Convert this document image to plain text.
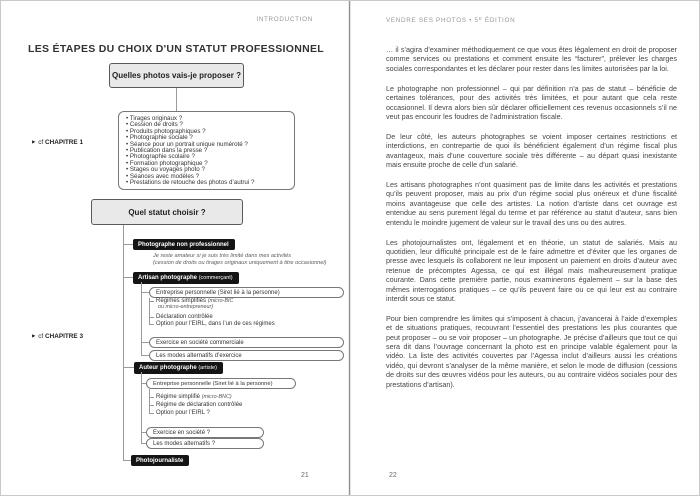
INTRODUCTION
LES ÉTAPES DU CHOIX D'UN STATUT PROFESSIONNEL
Quelles photos vais-je proposer ?
• Tirages originaux ?
• Cession de droits ?
• Produits photographiques ?
• Photographie sociale ?
• Séance pour un portrait unique numéroté ?
• Publication dans la presse ?
• Photographie scolaire ?
• Formation photographique ?
• Stages ou voyages photo ?
• Séances avec modèles ?
• Prestations de retouche des photos d’autrui ?
► cf CHAPITRE 1
Quel statut choisir ?
Photographe non professionnel
Je reste amateur si je suis très limité dans mes activités
(cession de droits ou tirages originaux uniquement à titre occasionnel)
Artisan photographe (commerçant)
Entreprise personnelle (Siret lié à la personne)
Régimes simplifiés (micro-BIC
ou micro-entrepreneur)
Déclaration contrôlée
Option pour l’EIRL, dans l’un de ces régimes
Exercice en société commerciale
Les modes alternatifs d’exercice
► cf CHAPITRE 3
Auteur photographe (artiste)
Entreprise personnelle (Siret lié à la personne)
Régime simplifié (micro-BNC)
Régime de déclaration contrôlée
Option pour l’EIRL ?
Exercice en société ?
Les modes alternatifs ?
Photojournaliste
21
VENDRE SES PHOTOS • $5^E$ ÉDITION

… il s’agira d’examiner méthodiquement ce que vous êtes légalement en droit de proposer comme services ou prestations et comment ensuite les “facturer”, prélever les charges sociales correspondantes et les déclarer pour rester dans les limites autorisées par la loi.

Le photographe non professionnel – qui par définition n’a pas de statut – bénéficie de certaines tolérances, pour des activités très limitées, et pour autant que cela reste occasionnel. Il devra alors bien sûr déclarer officiellement ces revenus occasionnels s’il ne veut pas encourir les foudres de l’administration fiscale.

De leur côté, les auteurs photographes se voient imposer certaines restrictions et interdictions, en contrepartie de quoi ils bénéficient également d’un régime fiscal plus avantageux, mais d’une couverture sociale très différente – au départ quasi inexistante mais ensuite proche de celle d’un salarié.

Les artisans photographes n’ont quasiment pas de limite dans les activités et prestations qu’ils peuvent proposer, mais au prix d’un régime social plus onéreux et d’une fiscalité moins avantageuse que celle des artistes. La notion d’artiste dans cet ouvrage est entendue au sens purement légal du terme et par référence au statut d’auteur, sans bien entendu le moindre jugement de valeur sur le travail des uns ou des autres.

Les photojournalistes ont, légalement et en théorie, un statut de salariés. Mais au quotidien, leur difficulté principale est de le faire admettre et d’éviter que les organes de presse avec lesquels ils collaborent ne leur imposent un paiement en droits d’auteur avec retenue de précomptes Agessa, ce qui est illégal mais malheureusement pratique courante. Dans cette première partie, nous examinerons également – sur la base des mêmes interrogations pratiques – ce qu’ils peuvent faire ou ce qui leur est au contraire interdit sous ce statut.

Pour bien comprendre les limites qui s’imposent à chacun, j’avancerai à l’aide d’exemples et de situations pratiques, recouvrant l’essentiel des prestations les plus courantes que peut proposer – ou se voir proposer – un photographe. Je précise d’ailleurs que tout ce qui sera dit dans l’ouvrage concernant la photo est en principe valable également pour la vidéo. La liste des activités couvertes par l’Agessa inclut d’ailleurs aussi les créations vidéo, qui devront s’analyser de la même manière, et selon le mode de diffusion (cessions de droits sur des œuvres vidéos pour les auteurs, ou au contraire vidéos sociales pour des prestations d’artisan).

22
